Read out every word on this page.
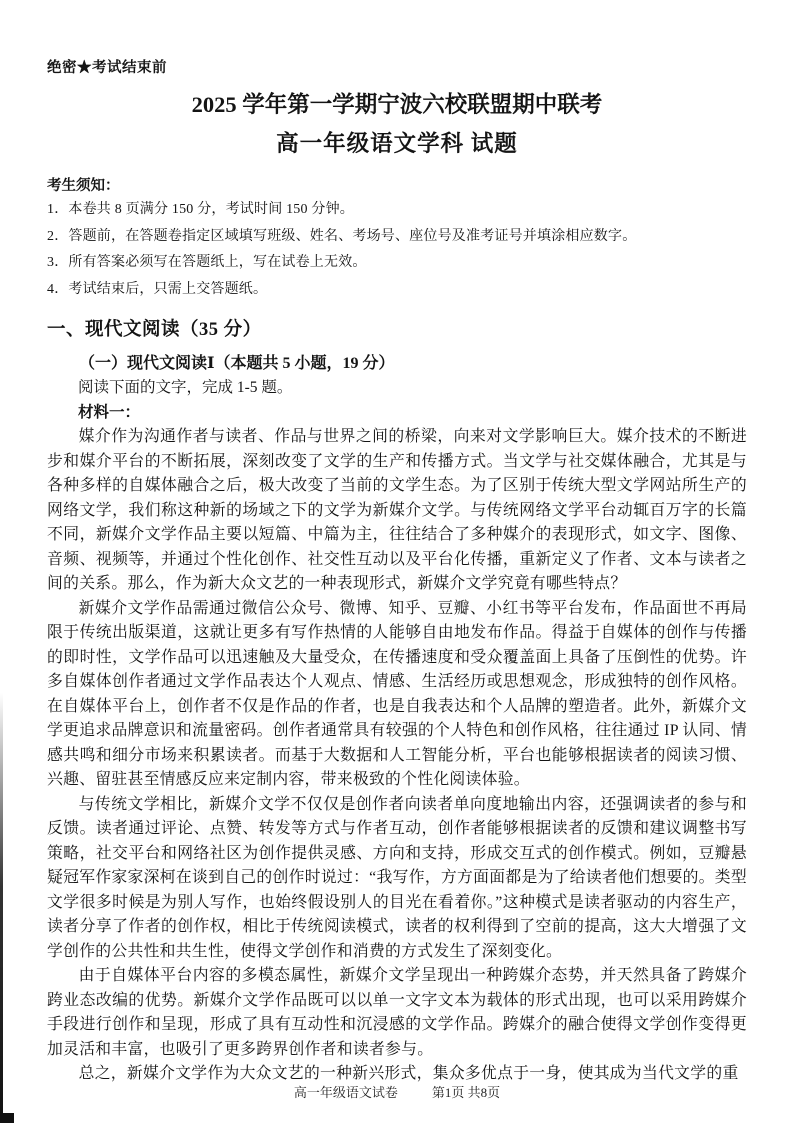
绝密★考试结束前
2025 学年第一学期宁波六校联盟期中联考
高一年级语文学科 试题
考生须知：
1．本卷共 8 页满分 150 分，考试时间 150 分钟。
2．答题前，在答题卷指定区域填写班级、姓名、考场号、座位号及准考证号并填涂相应数字。
3．所有答案必须写在答题纸上，写在试卷上无效。
4．考试结束后，只需上交答题纸。
一、现代文阅读（35 分）
（一）现代文阅读Ⅰ（本题共 5 小题，19 分）
阅读下面的文字，完成 1-5 题。
材料一：

媒介作为沟通作者与读者、作品与世界之间的桥梁，向来对文学影响巨大。媒介技术的不断进步和媒介平台的不断拓展，深刻改变了文学的生产和传播方式。当文学与社交媒体融合，尤其是与各种多样的自媒体融合之后，极大改变了当前的文学生态。为了区别于传统大型文学网站所生产的网络文学，我们称这种新的场域之下的文学为新媒介文学。与传统网络文学平台动辄百万字的长篇不同，新媒介文学作品主要以短篇、中篇为主，往往结合了多种媒介的表现形式，如文字、图像、音频、视频等，并通过个性化创作、社交性互动以及平台化传播，重新定义了作者、文本与读者之间的关系。那么，作为新大众文艺的一种表现形式，新媒介文学究竟有哪些特点？

新媒介文学作品需通过微信公众号、微博、知乎、豆瓣、小红书等平台发布，作品面世不再局限于传统出版渠道，这就让更多有写作热情的人能够自由地发布作品。得益于自媒体的创作与传播的即时性，文学作品可以迅速触及大量受众，在传播速度和受众覆盖面上具备了压倒性的优势。许多自媒体创作者通过文学作品表达个人观点、情感、生活经历或思想观念，形成独特的创作风格。在自媒体平台上，创作者不仅是作品的作者，也是自我表达和个人品牌的塑造者。此外，新媒介文学更追求品牌意识和流量密码。创作者通常具有较强的个人特色和创作风格，往往通过 IP 认同、情感共鸣和细分市场来积累读者。而基于大数据和人工智能分析，平台也能够根据读者的阅读习惯、兴趣、留驻甚至情感反应来定制内容，带来极致的个性化阅读体验。

与传统文学相比，新媒介文学不仅仅是创作者向读者单向度地输出内容，还强调读者的参与和反馈。读者通过评论、点赞、转发等方式与作者互动，创作者能够根据读者的反馈和建议调整书写策略，社交平台和网络社区为创作提供灵感、方向和支持，形成交互式的创作模式。例如，豆瓣悬疑冠军作家家深柯在谈到自己的创作时说过：“我写作，方方面面都是为了给读者他们想要的。类型文学很多时候是为别人写作，也始终假设别人的目光在看着你。”这种模式是读者驱动的内容生产，读者分享了作者的创作权，相比于传统阅读模式，读者的权利得到了空前的提高，这大大增强了文学创作的公共性和共生性，使得文学创作和消费的方式发生了深刻变化。

由于自媒体平台内容的多模态属性，新媒介文学呈现出一种跨媒介态势，并天然具备了跨媒介跨业态改编的优势。新媒介文学作品既可以以单一文字文本为载体的形式出现，也可以采用跨媒介手段进行创作和呈现，形成了具有互动性和沉浸感的文学作品。跨媒介的融合使得文学创作变得更加灵活和丰富，也吸引了更多跨界创作者和读者参与。

总之，新媒介文学作为大众文艺的一种新兴形式，集众多优点于一身，使其成为当代文学的重

高一年级语文试卷	第1页 共8页
